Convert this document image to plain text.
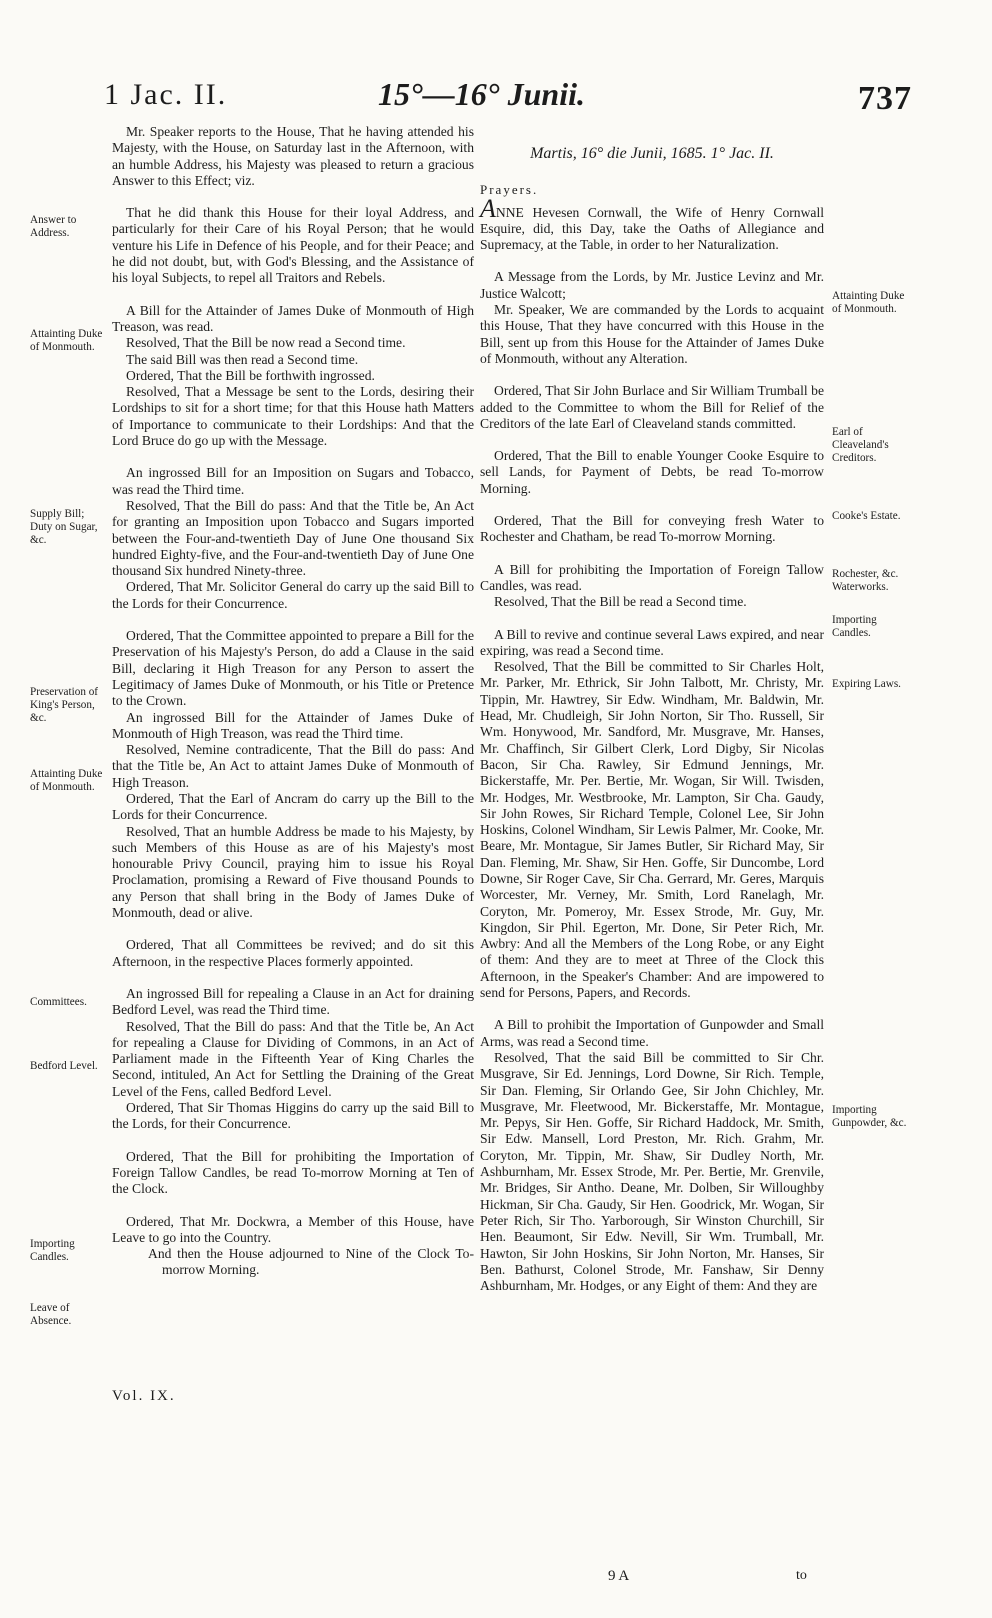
1 Jac. II.	15°—16° Junii.	737
Answer to Address.
Attainting Duke of Monmouth.
Supply Bill; Duty on Sugar, &c.
Preservation of King's Person, &c.
Attainting Duke of Monmouth.
Committees.
Bedford Level.
Importing Candles.
Leave of Absence.

Mr. Speaker reports to the House, That he having attended his Majesty, with the House, on Saturday last in the Afternoon, with an humble Address, his Majesty was pleased to return a gracious Answer to this Effect; viz.

That he did thank this House for their loyal Address, and particularly for their Care of his Royal Person; that he would venture his Life in Defence of his People, and for their Peace; and he did not doubt, but, with God's Blessing, and the Assistance of his loyal Subjects, to repel all Traitors and Rebels.

A Bill for the Attainder of James Duke of Monmouth of High Treason, was read.

Resolved, That the Bill be now read a Second time.

The said Bill was then read a Second time.

Ordered, That the Bill be forthwith ingrossed.

Resolved, That a Message be sent to the Lords, desiring their Lordships to sit for a short time; for that this House hath Matters of Importance to communicate to their Lordships: And that the Lord Bruce do go up with the Message.

An ingrossed Bill for an Imposition on Sugars and Tobacco, was read the Third time.

Resolved, That the Bill do pass: And that the Title be, An Act for granting an Imposition upon Tobacco and Sugars imported between the Four-and-twentieth Day of June One thousand Six hundred Eighty-five, and the Four-and-twentieth Day of June One thousand Six hundred Ninety-three.

Ordered, That Mr. Solicitor General do carry up the said Bill to the Lords for their Concurrence.

Ordered, That the Committee appointed to prepare a Bill for the Preservation of his Majesty's Person, do add a Clause in the said Bill, declaring it High Treason for any Person to assert the Legitimacy of James Duke of Monmouth, or his Title or Pretence to the Crown.

An ingrossed Bill for the Attainder of James Duke of Monmouth of High Treason, was read the Third time.

Resolved, Nemine contradicente, That the Bill do pass: And that the Title be, An Act to attaint James Duke of Monmouth of High Treason.

Ordered, That the Earl of Ancram do carry up the Bill to the Lords for their Concurrence.

Resolved, That an humble Address be made to his Majesty, by such Members of this House as are of his Majesty's most honourable Privy Council, praying him to issue his Royal Proclamation, promising a Reward of Five thousand Pounds to any Person that shall bring in the Body of James Duke of Monmouth, dead or alive.

Ordered, That all Committees be revived; and do sit this Afternoon, in the respective Places formerly appointed.

An ingrossed Bill for repealing a Clause in an Act for draining Bedford Level, was read the Third time.

Resolved, That the Bill do pass: And that the Title be, An Act for repealing a Clause for Dividing of Commons, in an Act of Parliament made in the Fifteenth Year of King Charles the Second, intituled, An Act for Settling the Draining of the Great Level of the Fens, called Bedford Level.

Ordered, That Sir Thomas Higgins do carry up the said Bill to the Lords, for their Concurrence.

Ordered, That the Bill for prohibiting the Importation of Foreign Tallow Candles, be read To-morrow Morning at Ten of the Clock.

Ordered, That Mr. Dockwra, a Member of this House, have Leave to go into the Country.

And then the House adjourned to Nine of the Clock To-morrow Morning.

Martis, 16° die Junii, 1685. 1° Jac. II.
Prayers.

ANNE Hevesen Cornwall, the Wife of Henry Cornwall Esquire, did, this Day, take the Oaths of Allegiance and Supremacy, at the Table, in order to her Naturalization.

A Message from the Lords, by Mr. Justice Levinz and Mr. Justice Walcott;

Mr. Speaker, We are commanded by the Lords to acquaint this House, That they have concurred with this House in the Bill, sent up from this House for the Attainder of James Duke of Monmouth, without any Alteration.

Ordered, That Sir John Burlace and Sir William Trumball be added to the Committee to whom the Bill for Relief of the Creditors of the late Earl of Cleaveland stands committed.

Ordered, That the Bill to enable Younger Cooke Esquire to sell Lands, for Payment of Debts, be read To-morrow Morning.

Ordered, That the Bill for conveying fresh Water to Rochester and Chatham, be read To-morrow Morning.

A Bill for prohibiting the Importation of Foreign Tallow Candles, was read.

Resolved, That the Bill be read a Second time.

A Bill to revive and continue several Laws expired, and near expiring, was read a Second time.

Resolved, That the Bill be committed to Sir Charles Holt, Mr. Parker, Mr. Ethrick, Sir John Talbott, Mr. Christy, Mr. Tippin, Mr. Hawtrey, Sir Edw. Windham, Mr. Baldwin, Mr. Head, Mr. Chudleigh, Sir John Norton, Sir Tho. Russell, Sir Wm. Honywood, Mr. Sandford, Mr. Musgrave, Mr. Hanses, Mr. Chaffinch, Sir Gilbert Clerk, Lord Digby, Sir Nicolas Bacon, Sir Cha. Rawley, Sir Edmund Jennings, Mr. Bickerstaffe, Mr. Per. Bertie, Mr. Wogan, Sir Will. Twisden, Mr. Hodges, Mr. Westbrooke, Mr. Lampton, Sir Cha. Gaudy, Sir John Rowes, Sir Richard Temple, Colonel Lee, Sir John Hoskins, Colonel Windham, Sir Lewis Palmer, Mr. Cooke, Mr. Beare, Mr. Montague, Sir James Butler, Sir Richard May, Sir Dan. Fleming, Mr. Shaw, Sir Hen. Goffe, Sir Duncombe, Lord Downe, Sir Roger Cave, Sir Cha. Gerrard, Mr. Geres, Marquis Worcester, Mr. Verney, Mr. Smith, Lord Ranelagh, Mr. Coryton, Mr. Pomeroy, Mr. Essex Strode, Mr. Guy, Mr. Kingdon, Sir Phil. Egerton, Mr. Done, Sir Peter Rich, Mr. Awbry: And all the Members of the Long Robe, or any Eight of them: And they are to meet at Three of the Clock this Afternoon, in the Speaker's Chamber: And are impowered to send for Persons, Papers, and Records.

A Bill to prohibit the Importation of Gunpowder and Small Arms, was read a Second time.

Resolved, That the said Bill be committed to Sir Chr. Musgrave, Sir Ed. Jennings, Lord Downe, Sir Rich. Temple, Sir Dan. Fleming, Sir Orlando Gee, Sir John Chichley, Mr. Musgrave, Mr. Fleetwood, Mr. Bickerstaffe, Mr. Montague, Mr. Pepys, Sir Hen. Goffe, Sir Richard Haddock, Mr. Smith, Sir Edw. Mansell, Lord Preston, Mr. Rich. Grahm, Mr. Coryton, Mr. Tippin, Mr. Shaw, Sir Dudley North, Mr. Ashburnham, Mr. Essex Strode, Mr. Per. Bertie, Mr. Grenvile, Mr. Bridges, Sir Antho. Deane, Mr. Dolben, Sir Willoughby Hickman, Sir Cha. Gaudy, Sir Hen. Goodrick, Mr. Wogan, Sir Peter Rich, Sir Tho. Yarborough, Sir Winston Churchill, Sir Hen. Beaumont, Sir Edw. Nevill, Sir Wm. Trumball, Mr. Hawton, Sir John Hoskins, Sir John Norton, Mr. Hanses, Sir Ben. Bathurst, Colonel Strode, Mr. Fanshaw, Sir Denny Ashburnham, Mr. Hodges, or any Eight of them: And they are

Attainting Duke of Monmouth.
Earl of Cleaveland's Creditors.
Cooke's Estate.
Rochester, &c. Waterworks.
Importing Candles.
Expiring Laws.
Importing Gunpowder, &c.
Vol. IX.
9 A	to
